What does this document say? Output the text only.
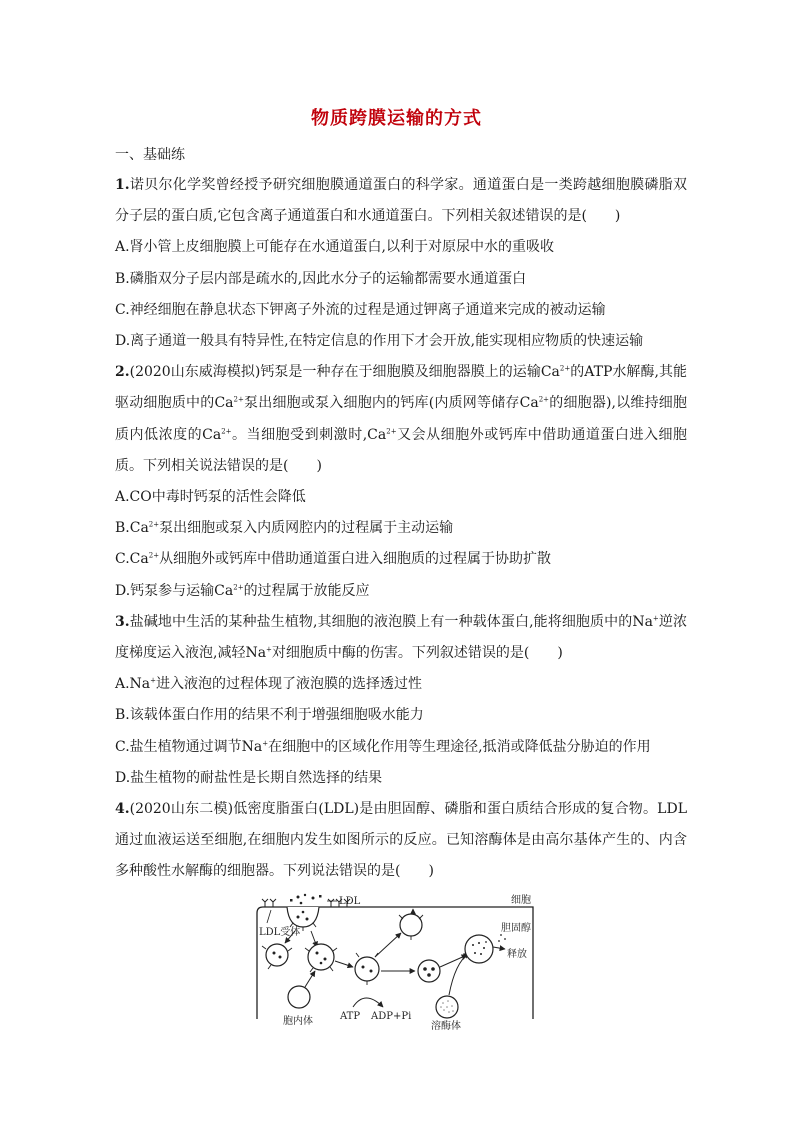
物质跨膜运输的方式
一、基础练

1.诺贝尔化学奖曾经授予研究细胞膜通道蛋白的科学家。通道蛋白是一类跨越细胞膜磷脂双分子层的蛋白质,它包含离子通道蛋白和水通道蛋白。下列相关叙述错误的是(　　)

A.肾小管上皮细胞膜上可能存在水通道蛋白,以利于对原尿中水的重吸收

B.磷脂双分子层内部是疏水的,因此水分子的运输都需要水通道蛋白

C.神经细胞在静息状态下钾离子外流的过程是通过钾离子通道来完成的被动运输

D.离子通道一般具有特异性,在特定信息的作用下才会开放,能实现相应物质的快速运输

2.(2020山东威海模拟)钙泵是一种存在于细胞膜及细胞器膜上的运输$Ca^{2+}$的ATP水解酶,其能驱动细胞质中的$Ca^{2+}$泵出细胞或泵入细胞内的钙库(内质网等储存$Ca^{2+}$的细胞器),以维持细胞质内低浓度的$Ca^{2+}$。当细胞受到刺激时$,Ca^{2+}$又会从细胞外或钙库中借助通道蛋白进入细胞质。下列相关说法错误的是(　　)

A.CO中毒时钙泵的活性会降低

$B.Ca^{2+}$泵出细胞或泵入内质网腔内的过程属于主动运输

$C.Ca^{2+}$从细胞外或钙库中借助通道蛋白进入细胞质的过程属于协助扩散

D.钙泵参与运输$Ca^{2+}$的过程属于放能反应

3.盐碱地中生活的某种盐生植物,其细胞的液泡膜上有一种载体蛋白,能将细胞质中的Na+逆浓度梯度运入液泡,减轻Na+对细胞质中酶的伤害。下列叙述错误的是(　　)

A.Na+进入液泡的过程体现了液泡膜的选择透过性

B.该载体蛋白作用的结果不利于增强细胞吸水能力

C.盐生植物通过调节Na+在细胞中的区域化作用等生理途径,抵消或降低盐分胁迫的作用

D.盐生植物的耐盐性是长期自然选择的结果

4.(2020山东二模)低密度脂蛋白(LDL)是由胆固醇、磷脂和蛋白质结合形成的复合物。LDL通过血液运送至细胞,在细胞内发生如图所示的反应。已知溶酶体是由高尔基体产生的、内含多种酸性水解酶的细胞器。下列说法错误的是(　　)

细胞
LDL
LDL受体
胞内体	ATP ADP+Pi
溶酶体
胆固醇
释放
